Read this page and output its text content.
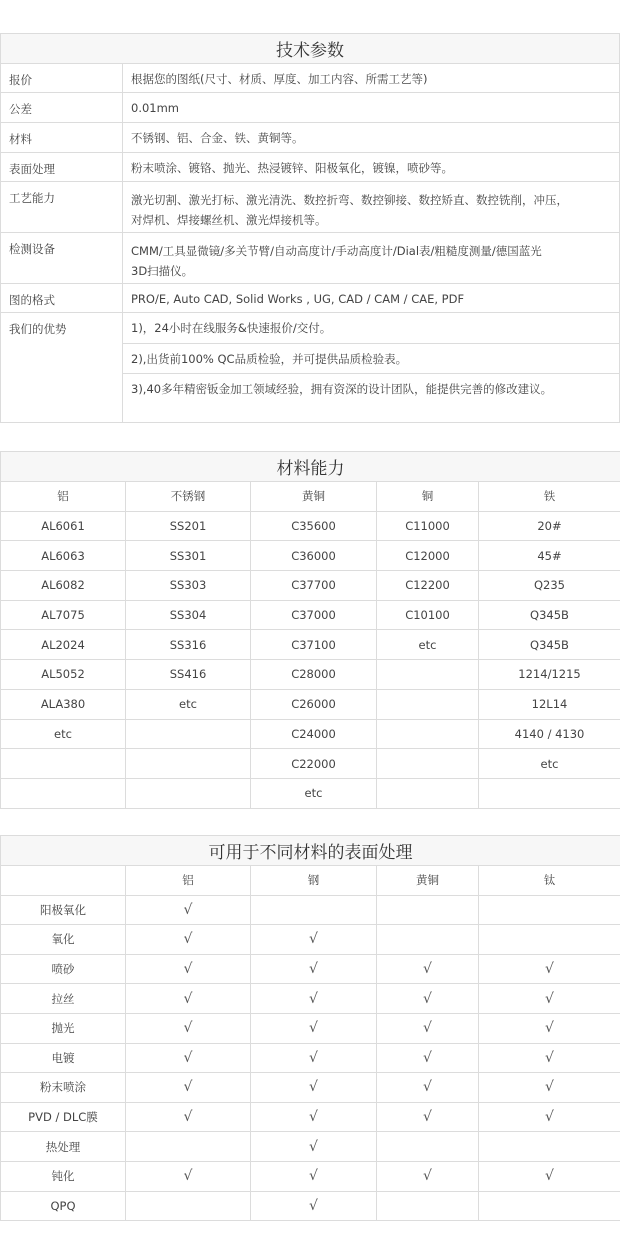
技术参数	
报价	根据您的图纸(尺寸、材质、厚度、加工内容、所需工艺等)
公差	0.01mm
材料	不锈钢、铝、合金、铁、黄铜等。
表面处理	粉末喷涂、镀铬、抛光、热浸镀锌、阳极氧化，镀镍，喷砂等。
工艺能力	激光切割、激光打标、激光清洗、数控折弯、数控铆接、数控矫直、数控铣削，冲压，
对焊机、焊接螺丝机、激光焊接机等。

检测设备	CMM/工具显微镜/多关节臂/自动高度计/手动高度计/Dial表/粗糙度测量/德国蓝光
3D扫描仪。

图的格式	PRO/E, Auto CAD, Solid Works , UG, CAD / CAM / CAE, PDF
我们的优势	1)，24小时在线服务&快速报价/交付。
2),出货前100% QC品质检验，并可提供品质检验表。
3),40多年精密钣金加工领域经验，拥有资深的设计团队，能提供完善的修改建议。
材料能力				
铝	不锈钢	黄铜	铜	铁
AL6061	SS201	C35600	C11000	20#
AL6063	SS301	C36000	C12000	45#
AL6082	SS303	C37700	C12200	Q235
AL7075	SS304	C37000	C10100	Q345B
AL2024	SS316	C37100	etc	Q345B
AL5052	SS416	C28000		1214/1215
ALA380	etc	C26000		12L14
etc		C24000		4140 / 4130
		C22000		etc
		etc		
可用于不同材料的表面处理				
	铝	钢	黄铜	钛
阳极氧化	√			
氧化	√	√		
喷砂	√	√	√	√
拉丝	√	√	√	√
抛光	√	√	√	√
电镀	√	√	√	√
粉末喷涂	√	√	√	√
PVD / DLC膜	√	√	√	√
热处理		√		
钝化	√	√	√	√
QPQ		√		
